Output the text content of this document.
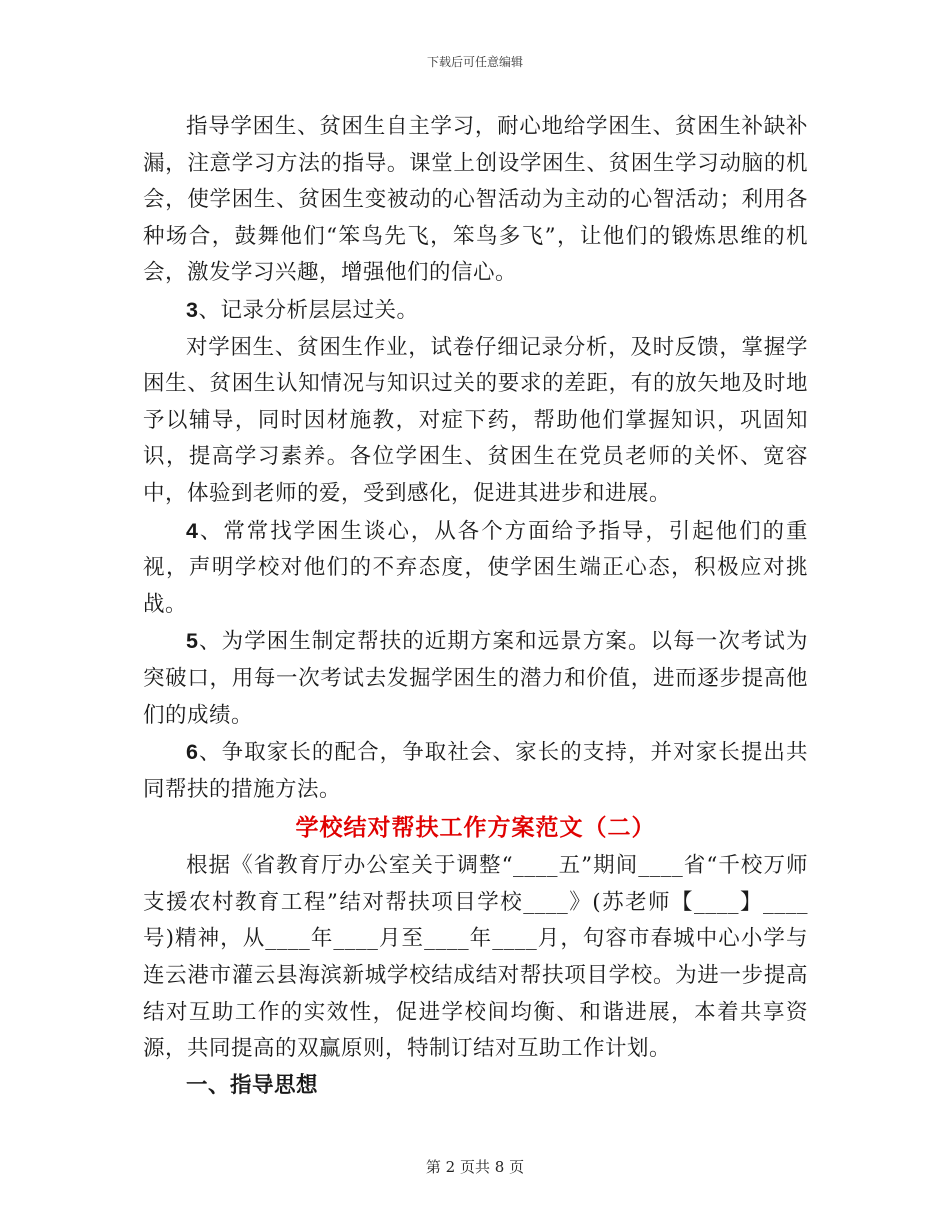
下载后可任意编辑

指导学困生、贫困生自主学习，耐心地给学困生、贫困生补缺补漏，注意学习方法的指导。课堂上创设学困生、贫困生学习动脑的机会，使学困生、贫困生变被动的心智活动为主动的心智活动；利用各种场合，鼓舞他们“笨鸟先飞，笨鸟多飞”，让他们的锻炼思维的机会，激发学习兴趣，增强他们的信心。

3、记录分析层层过关。

对学困生、贫困生作业，试卷仔细记录分析，及时反馈，掌握学困生、贫困生认知情况与知识过关的要求的差距，有的放矢地及时地予以辅导，同时因材施教，对症下药，帮助他们掌握知识，巩固知识，提高学习素养。各位学困生、贫困生在党员老师的关怀、宽容中，体验到老师的爱，受到感化，促进其进步和进展。

4、常常找学困生谈心，从各个方面给予指导，引起他们的重视，声明学校对他们的不弃态度，使学困生端正心态，积极应对挑战。

5、为学困生制定帮扶的近期方案和远景方案。以每一次考试为突破口，用每一次考试去发掘学困生的潜力和价值，进而逐步提高他们的成绩。

6、争取家长的配合，争取社会、家长的支持，并对家长提出共同帮扶的措施方法。

学校结对帮扶工作方案范文（二）

根据《省教育厅办公室关于调整“____五”期间____省“千校万师支援农村教育工程”结对帮扶项目学校____》(苏老师【____】____号)精神，从____年____月至____年____月，句容市春城中心小学与连云港市灌云县海滨新城学校结成结对帮扶项目学校。为进一步提高结对互助工作的实效性，促进学校间均衡、和谐进展，本着共享资源，共同提高的双赢原则，特制订结对互助工作计划。

一、指导思想

第 2 页共 8 页
